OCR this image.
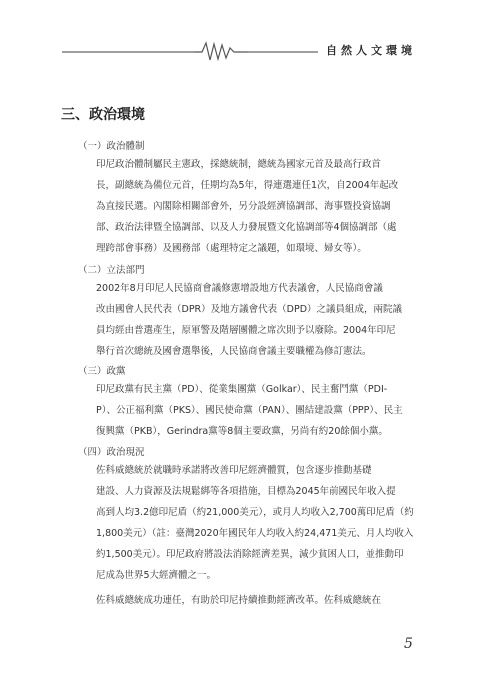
自然人文環境
三、政治環境
（一）政治體制
印尼政治體制屬民主憲政，採總統制，總統為國家元首及最高行政首
長，副總統為備位元首，任期均為5年，得連選連任1次，自2004年起改
為直接民選。內閣除相關部會外，另分設經濟協調部、海事暨投資協調
部、政治法律暨全協調部、以及人力發展暨文化協調部等4個協調部（處
理跨部會事務）及國務部（處理特定之議題，如環境、婦女等）。
（二）立法部門
2002年8月印尼人民協商會議修憲增設地方代表議會，人民協商會議
改由國會人民代表（DPR）及地方議會代表（DPD）之議員組成，兩院議
員均經由普選產生，原軍警及階層團體之席次則予以廢除。2004年印尼
舉行首次總統及國會選舉後，人民協商會議主要職權為修訂憲法。
（三）政黨
印尼政黨有民主黨（PD）、從業集團黨（Golkar）、民主奮鬥黨（PDI-
P）、公正福利黨（PKS）、國民使命黨（PAN）、團結建設黨（PPP）、民主
復興黨（PKB），Gerindra黨等8個主要政黨，另尚有約20餘個小黨。
（四）政治現況
佐科威總統於就職時承諾將改善印尼經濟體質，包含逐步推動基礎
建設、人力資源及法規鬆綁等各項措施，目標為2045年前國民年收入提
高到人均3.2億印尼盾（約21,000美元），或月人均收入2,700萬印尼盾（約
1,800美元）（註：臺灣2020年國民年人均收入約24,471美元、月人均收入
約1,500美元）。印尼政府將設法消除經濟差異，減少貧困人口，並推動印
尼成為世界5大經濟體之一。
佐科威總統成功連任，有助於印尼持續推動經濟改革。佐科威總統在
5
